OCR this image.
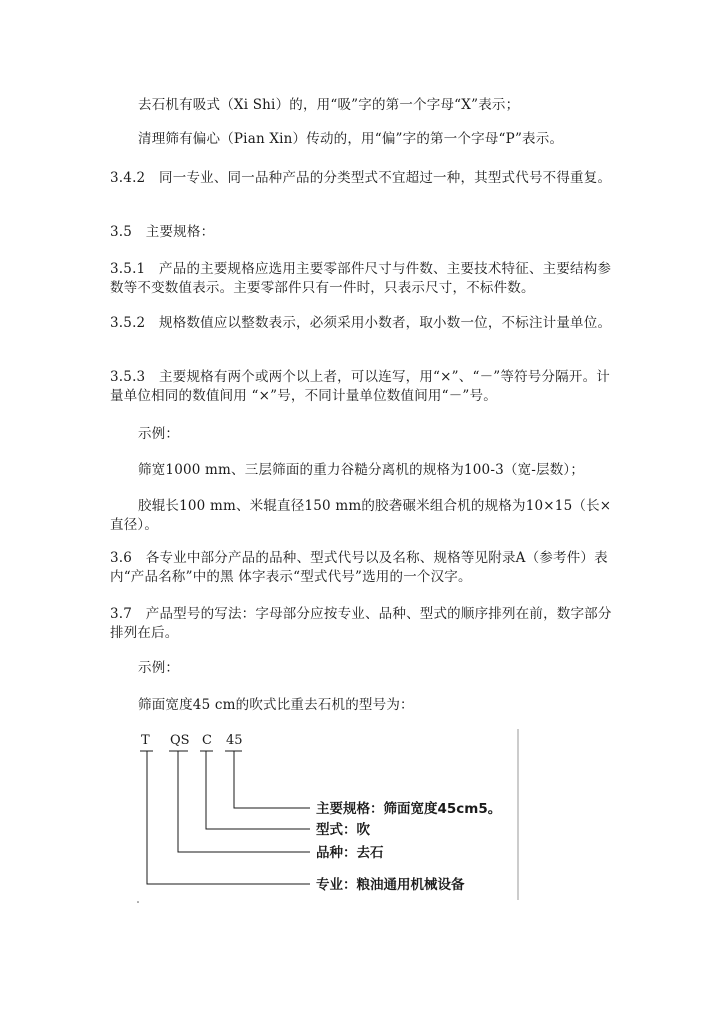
去石机有吸式（Xi Shi）的，用“吸”字的第一个字母“X”表示；

清理筛有偏心（Pian Xin）传动的，用“偏”字的第一个字母“P”表示。

3.4.2　同一专业、同一品种产品的分类型式不宜超过一种，其型式代号不得重复。

3.5　主要规格：

3.5.1　产品的主要规格应选用主要零部件尺寸与件数、主要技术特征、主要结构参数等不变数值表示。主要零部件只有一件时，只表示尺寸，不标件数。

3.5.2　规格数值应以整数表示，必须采用小数者，取小数一位，不标注计量单位。

3.5.3　主要规格有两个或两个以上者，可以连写，用“×”、“－”等符号分隔开。计量单位相同的数值间用 “×”号，不同计量单位数值间用“－”号。

示例：

筛宽1000 mm、三层筛面的重力谷糙分离机的规格为100-3（宽-层数）；

胶辊长100 mm、米辊直径150 mm的胶砻碾米组合机的规格为10×15（长×直径）。

3.6　各专业中部分产品的品种、型式代号以及名称、规格等见附录A（参考件）表内“产品名称”中的黑 体字表示“型式代号”选用的一个汉字。

3.7　产品型号的写法：字母部分应按专业、品种、型式的顺序排列在前，数字部分排列在后。

示例：

筛面宽度45 cm的吹式比重去石机的型号为：

T QS C 45
主要规格：筛面宽度45cm5。
型式：吹
品种：去石
专业：粮油通用机械设备
